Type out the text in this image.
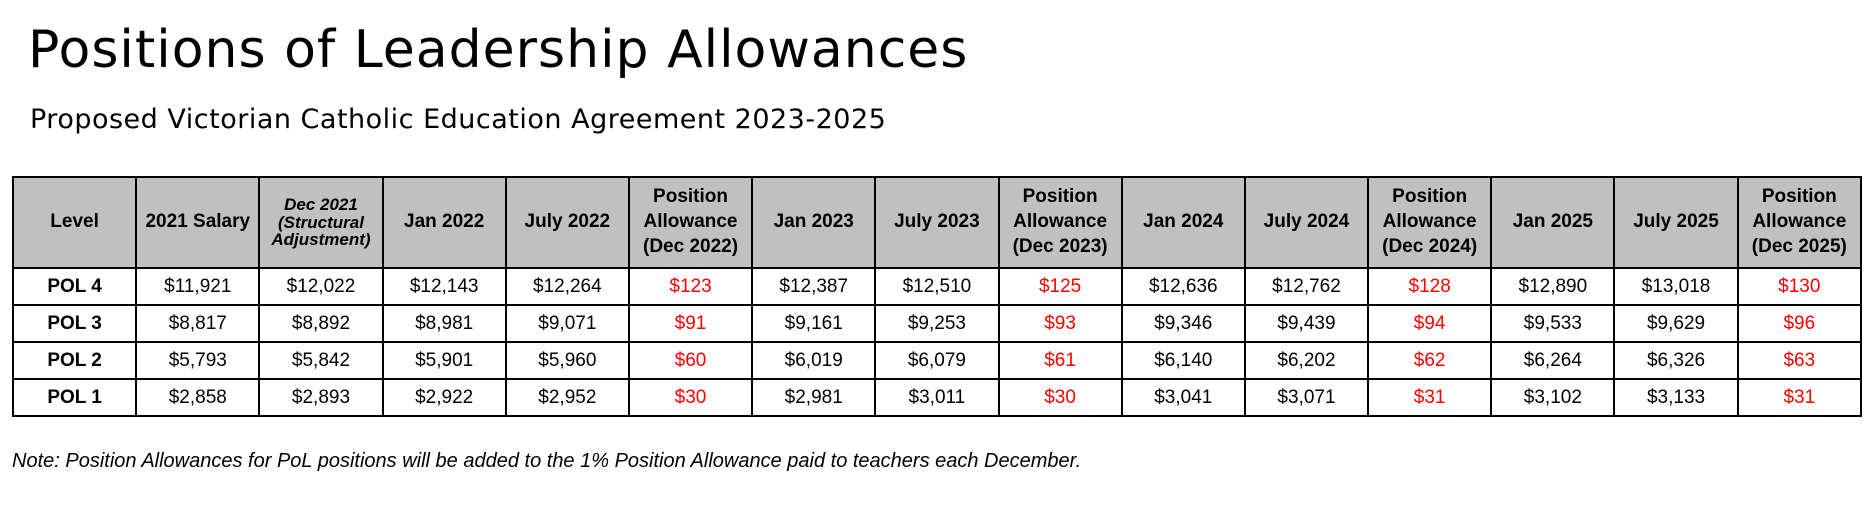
Positions of Leadership Allowances
Proposed Victorian Catholic Education Agreement 2023-2025
Level	2021 Salary	Dec 2021 (Structural Adjustment)	Jan 2022	July 2022	Position Allowance (Dec 2022)	Jan 2023	July 2023	Position Allowance (Dec 2023)	Jan 2024	July 2024	Position Allowance (Dec 2024)	Jan 2025	July 2025	Position Allowance (Dec 2025)
POL 4	$11,921	$12,022	$12,143	$12,264	$123	$12,387	$12,510	$125	$12,636	$12,762	$128	$12,890	$13,018	$130
POL 3	$8,817	$8,892	$8,981	$9,071	$91	$9,161	$9,253	$93	$9,346	$9,439	$94	$9,533	$9,629	$96
POL 2	$5,793	$5,842	$5,901	$5,960	$60	$6,019	$6,079	$61	$6,140	$6,202	$62	$6,264	$6,326	$63
POL 1	$2,858	$2,893	$2,922	$2,952	$30	$2,981	$3,011	$30	$3,041	$3,071	$31	$3,102	$3,133	$31
Note: Position Allowances for PoL positions will be added to the 1% Position Allowance paid to teachers each December.
